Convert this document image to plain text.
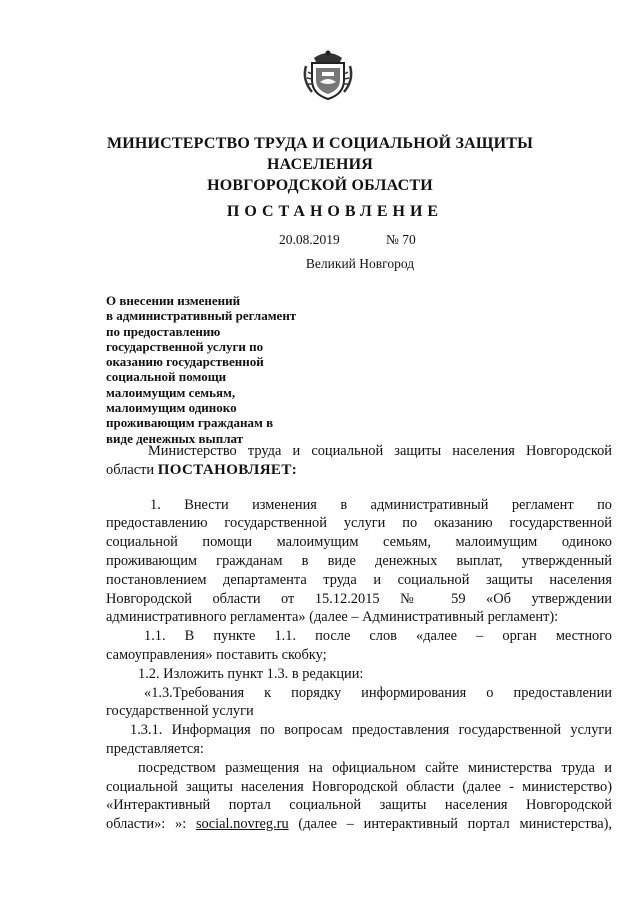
МИНИСТЕРСТВО ТРУДА И СОЦИАЛЬНОЙ ЗАЩИТЫ НАСЕЛЕНИЯ
НОВГОРОДСКОЙ ОБЛАСТИ
ПОСТАНОВЛЕНИЕ
20.08.2019	№ 70
Великий Новгород
О внесении изменений
в административный регламент
по предоставлению
государственной услуги по
оказанию государственной
социальной помощи
малоимущим семьям,
малоимущим одиноко
проживающим гражданам в
виде денежных выплат

Министерство труда и социальной защиты населения Новгородской

области ПОСТАНОВЛЯЕТ:

1. Внести изменения в административный регламент по

предоставлению государственной услуги по оказанию государственной

социальной помощи малоимущим семьям, малоимущим одиноко

проживающим гражданам в виде денежных выплат, утвержденный

постановлением департамента труда и социальной защиты населения

Новгородской области от 15.12.2015 № 59 «Об утверждении

административного регламента» (далее – Административный регламент):

1.1. В пункте 1.1. после слов «далее – орган местного

самоуправления» поставить скобку;

1.2. Изложить пункт 1.3. в редакции:

«1.3.Требования к порядку информирования о предоставлении

государственной услуги

1.3.1. Информация по вопросам предоставления государственной услуги

представляется:

посредством размещения на официальном сайте министерства труда и

социальной защиты населения Новгородской области (далее - министерство)

«Интерактивный портал социальной защиты населения Новгородской

области»: »: social.novreg.ru (далее – интерактивный портал министерства),
